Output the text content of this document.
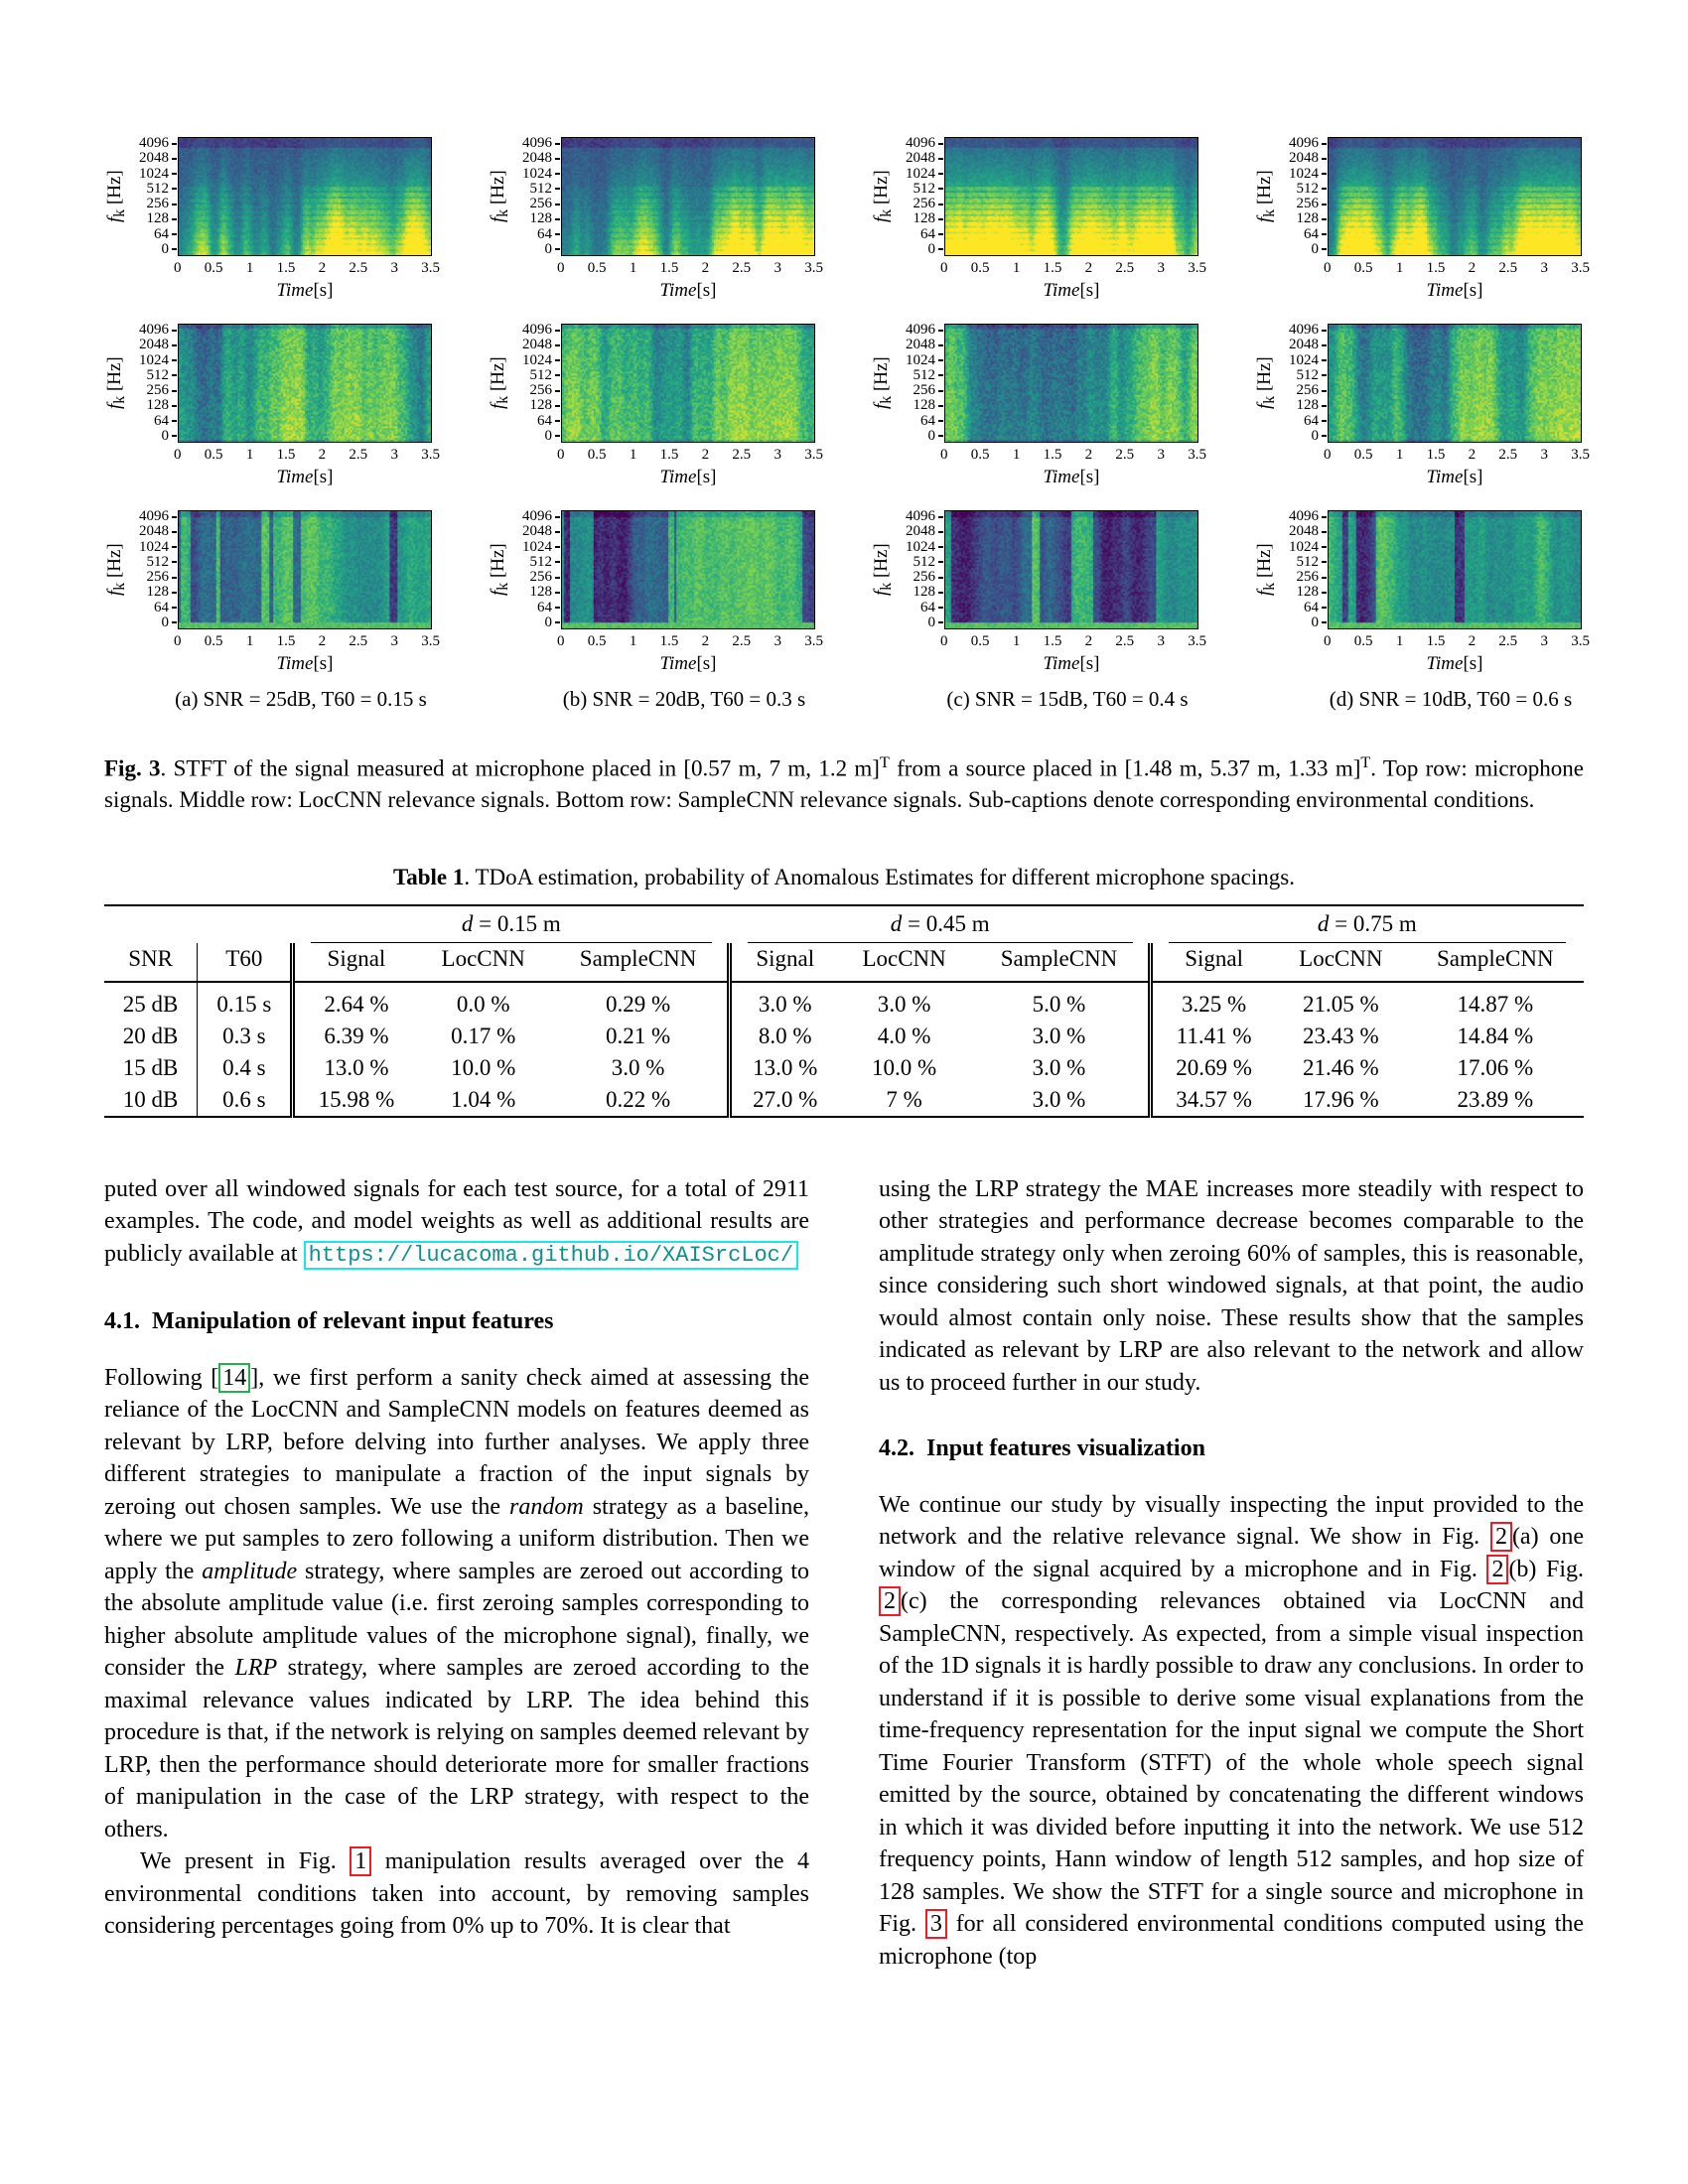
$f_k$ [Hz]
4096
2048
1024
512
256
128
64
0
0 0.5 1 1.5 2 2.5 3 3.5
Time[s]
$f_k$ [Hz]
4096
2048
1024
512
256
128
64
0
0 0.5 1 1.5 2 2.5 3 3.5
Time[s]
$f_k$ [Hz]
4096
2048
1024
512
256
128
64
0
0 0.5 1 1.5 2 2.5 3 3.5
Time[s]
$f_k$ [Hz]
4096
2048
1024
512
256
128
64
0
0 0.5 1 1.5 2 2.5 3 3.5
Time[s]
$f_k$ [Hz]
4096
2048
1024
512
256
128
64
0
0 0.5 1 1.5 2 2.5 3 3.5
Time[s]
$f_k$ [Hz]
4096
2048
1024
512
256
128
64
0
0 0.5 1 1.5 2 2.5 3 3.5
Time[s]
$f_k$ [Hz]
4096
2048
1024
512
256
128
64
0
0 0.5 1 1.5 2 2.5 3 3.5
Time[s]
$f_k$ [Hz]
4096
2048
1024
512
256
128
64
0
0 0.5 1 1.5 2 2.5 3 3.5
Time[s]
$f_k$ [Hz]
4096
2048
1024
512
256
128
64
0
0 0.5 1 1.5 2 2.5 3 3.5
Time[s]
$f_k$ [Hz]
4096
2048
1024
512
256
128
64
0
0 0.5 1 1.5 2 2.5 3 3.5
Time[s]
$f_k$ [Hz]
4096
2048
1024
512
256
128
64
0
0 0.5 1 1.5 2 2.5 3 3.5
Time[s]
$f_k$ [Hz]
4096
2048
1024
512
256
128
64
0
0 0.5 1 1.5 2 2.5 3 3.5
Time[s]
(a) SNR = 25dB, T60 = 0.15 s	(b) SNR = 20dB, T60 = 0.3 s	(c) SNR = 15dB, T60 = 0.4 s	(d) SNR = 10dB, T60 = 0.6 s

Fig. 3. STFT of the signal measured at microphone placed in [0.57 m, 7 m, 1.2 m]$^T$ from a source placed in [1.48 m, 5.37 m, 1.33 m]$^T$. Top row: microphone signals. Middle row: LocCNN relevance signals. Bottom row: SampleCNN relevance signals. Sub-captions denote corresponding environmental conditions.

Table 1. TDoA estimation, probability of Anomalous Estimates for different microphone spacings.

		d = 0.15 m			d = 0.45 m			d = 0.75 m		

SNR	T60	Signal	LocCNN	SampleCNN	Signal	LocCNN	SampleCNN	Signal	LocCNN	SampleCNN
25 dB	0.15 s	2.64 %	0.0 %	0.29 %	3.0 %	3.0 %	5.0 %	3.25 %	21.05 %	14.87 %
20 dB	0.3 s	6.39 %	0.17 %	0.21 %	8.0 %	4.0 %	3.0 %	11.41 %	23.43 %	14.84 %
15 dB	0.4 s	13.0 %	10.0 %	3.0 %	13.0 %	10.0 %	3.0 %	20.69 %	21.46 %	17.06 %
10 dB	0.6 s	15.98 %	1.04 %	0.22 %	27.0 %	7 %	3.0 %	34.57 %	17.96 %	23.89 %

puted over all windowed signals for each test source, for a total of 2911 examples. The code, and model weights as well as additional results are publicly available at https://lucacoma.github.io/XAISrcLoc/

4.1. Manipulation of relevant input features

Following [ 14 ], we first perform a sanity check aimed at assessing the reliance of the LocCNN and SampleCNN models on features deemed as relevant by LRP, before delving into further analyses. We apply three different strategies to manipulate a fraction of the input signals by zeroing out chosen samples. We use the random strategy as a baseline, where we put samples to zero following a uniform distribution. Then we apply the amplitude strategy, where samples are zeroed out according to the absolute amplitude value (i.e. first zeroing samples corresponding to higher absolute amplitude values of the microphone signal), finally, we consider the LRP strategy, where samples are zeroed according to the maximal relevance values indicated by LRP. The idea behind this procedure is that, if the network is relying on samples deemed relevant by LRP, then the performance should deteriorate more for smaller fractions of manipulation in the case of the LRP strategy, with respect to the others.

We present in Fig. 1 manipulation results averaged over the 4 environmental conditions taken into account, by removing samples considering percentages going from 0% up to 70%. It is clear that

using the LRP strategy the MAE increases more steadily with respect to other strategies and performance decrease becomes comparable to the amplitude strategy only when zeroing 60% of samples, this is reasonable, since considering such short windowed signals, at that point, the audio would almost contain only noise. These results show that the samples indicated as relevant by LRP are also relevant to the network and allow us to proceed further in our study.

4.2. Input features visualization

We continue our study by visually inspecting the input provided to the network and the relative relevance signal. We show in Fig. 2 (a) one window of the signal acquired by a microphone and in Fig. 2 (b) Fig. 2 (c) the corresponding relevances obtained via LocCNN and SampleCNN, respectively. As expected, from a simple visual inspection of the 1D signals it is hardly possible to draw any conclusions. In order to understand if it is possible to derive some visual explanations from the time-frequency representation for the input signal we compute the Short Time Fourier Transform (STFT) of the whole whole speech signal emitted by the source, obtained by concatenating the different windows in which it was divided before inputting it into the network. We use 512 frequency points, Hann window of length 512 samples, and hop size of 128 samples. We show the STFT for a single source and microphone in Fig. 3 for all considered environmental conditions computed using the microphone (top
